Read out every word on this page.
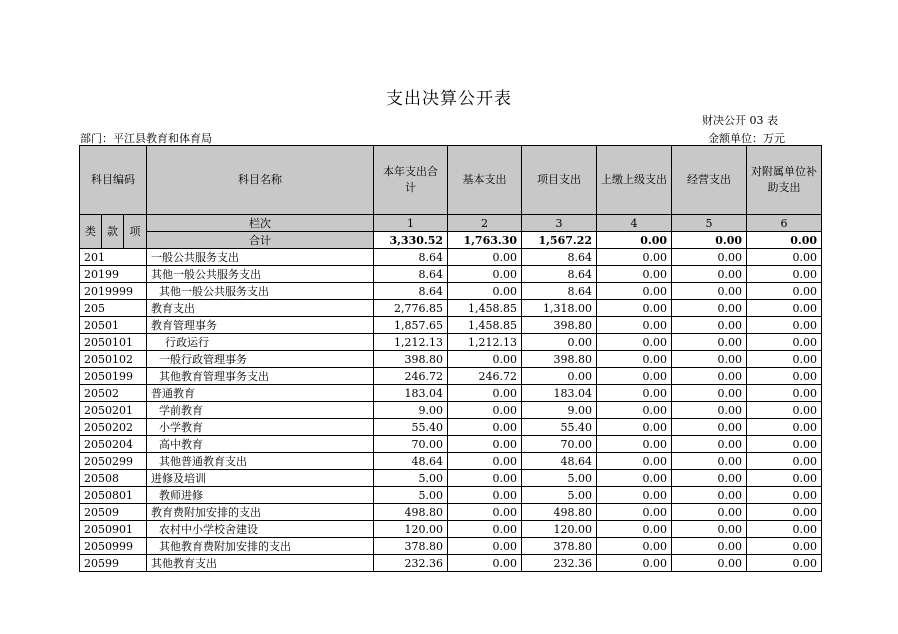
支出决算公开表
财决公开 03 表
部门：平江县教育和体育局	金额单位：万元
科目编码			科目名称	本年支出合计	基本支出	项目支出	上缴上级支出	经营支出	对附属单位补助支出
类	款	项	栏次	1	2	3	4	5	6
			合计	3,330.52	1,763.30	1,567.22	0.00	0.00	0.00
201			一般公共服务支出	8.64	0.00	8.64	0.00	0.00	0.00
20199			其他一般公共服务支出	8.64	0.00	8.64	0.00	0.00	0.00
2019999			其他一般公共服务支出	8.64	0.00	8.64	0.00	0.00	0.00
205			教育支出	2,776.85	1,458.85	1,318.00	0.00	0.00	0.00
20501			教育管理事务	1,857.65	1,458.85	398.80	0.00	0.00	0.00
2050101			行政运行	1,212.13	1,212.13	0.00	0.00	0.00	0.00
2050102			一般行政管理事务	398.80	0.00	398.80	0.00	0.00	0.00
2050199			其他教育管理事务支出	246.72	246.72	0.00	0.00	0.00	0.00
20502			普通教育	183.04	0.00	183.04	0.00	0.00	0.00
2050201			学前教育	9.00	0.00	9.00	0.00	0.00	0.00
2050202			小学教育	55.40	0.00	55.40	0.00	0.00	0.00
2050204			高中教育	70.00	0.00	70.00	0.00	0.00	0.00
2050299			其他普通教育支出	48.64	0.00	48.64	0.00	0.00	0.00
20508			进修及培训	5.00	0.00	5.00	0.00	0.00	0.00
2050801			教师进修	5.00	0.00	5.00	0.00	0.00	0.00
20509			教育费附加安排的支出	498.80	0.00	498.80	0.00	0.00	0.00
2050901			农村中小学校舍建设	120.00	0.00	120.00	0.00	0.00	0.00
2050999			其他教育费附加安排的支出	378.80	0.00	378.80	0.00	0.00	0.00
20599			其他教育支出	232.36	0.00	232.36	0.00	0.00	0.00
